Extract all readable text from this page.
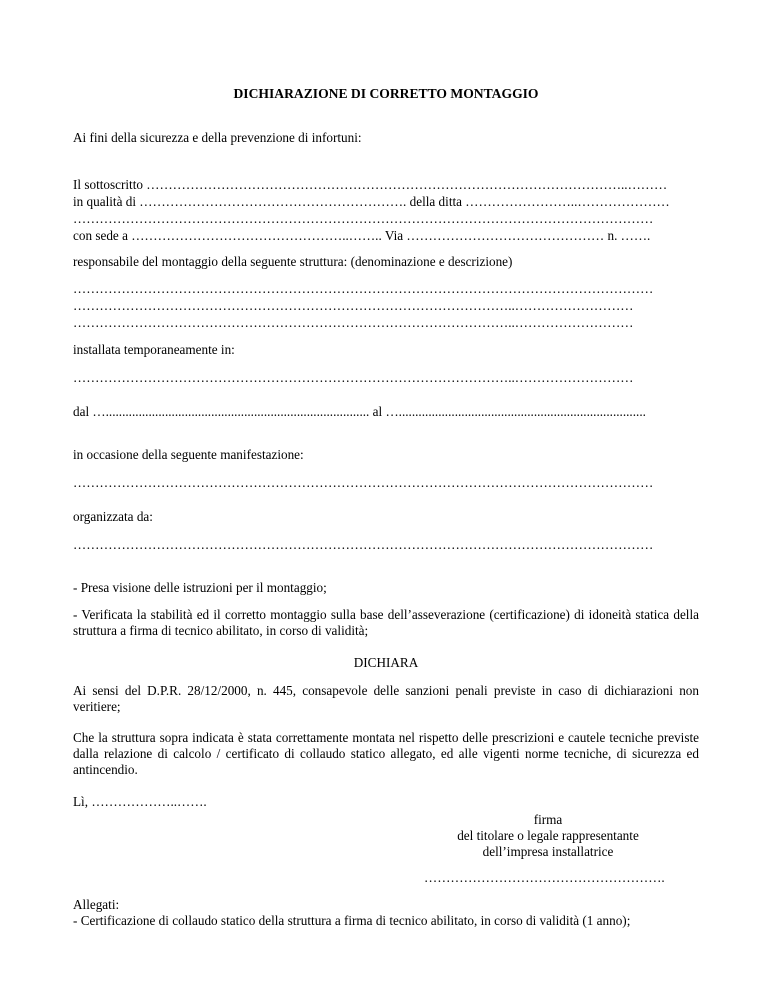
DICHIARAZIONE DI CORRETTO MONTAGGIO
Ai fini della sicurezza e della prevenzione di infortuni:
Il sottoscritto ………………………………………………………………………………………………..………
in qualità di ……………………………………………………. della ditta ……………………..…………………
……………………………………………………………………………………………………………………
con sede a …………………………………………..…….. Via ……………………………………… n. …….
responsabile del montaggio della seguente struttura: (denominazione e descrizione)
……………………………………………………………………………………………………………………
………………………………………………………………………………………..………………………
………………………………………………………………………………………..………………………
installata temporaneamente in:
………………………………………………………………………………………..………………………
dal …................................................................................ al …...........................................................................
in occasione della seguente manifestazione:
……………………………………………………………………………………………………………………
organizzata da:
……………………………………………………………………………………………………………………
- Presa visione delle istruzioni per il montaggio;
- Verificata la stabilità ed il corretto montaggio sulla base dell’asseverazione (certificazione) di idoneità statica della struttura a firma di tecnico abilitato, in corso di validità;
DICHIARA
Ai sensi del D.P.R. 28/12/2000, n. 445, consapevole delle sanzioni penali previste in caso di dichiarazioni non veritiere;
Che la struttura sopra indicata è stata correttamente montata nel rispetto delle prescrizioni e cautele tecniche previste dalla relazione di calcolo / certificato di collaudo statico allegato, ed alle vigenti norme tecniche, di sicurezza ed antincendio.
Lì, ………………..…….
firma
del titolare o legale rappresentante
dell’impresa installatrice
……………………………………………….
Allegati:
- Certificazione di collaudo statico della struttura a firma di tecnico abilitato, in corso di validità (1 anno);
